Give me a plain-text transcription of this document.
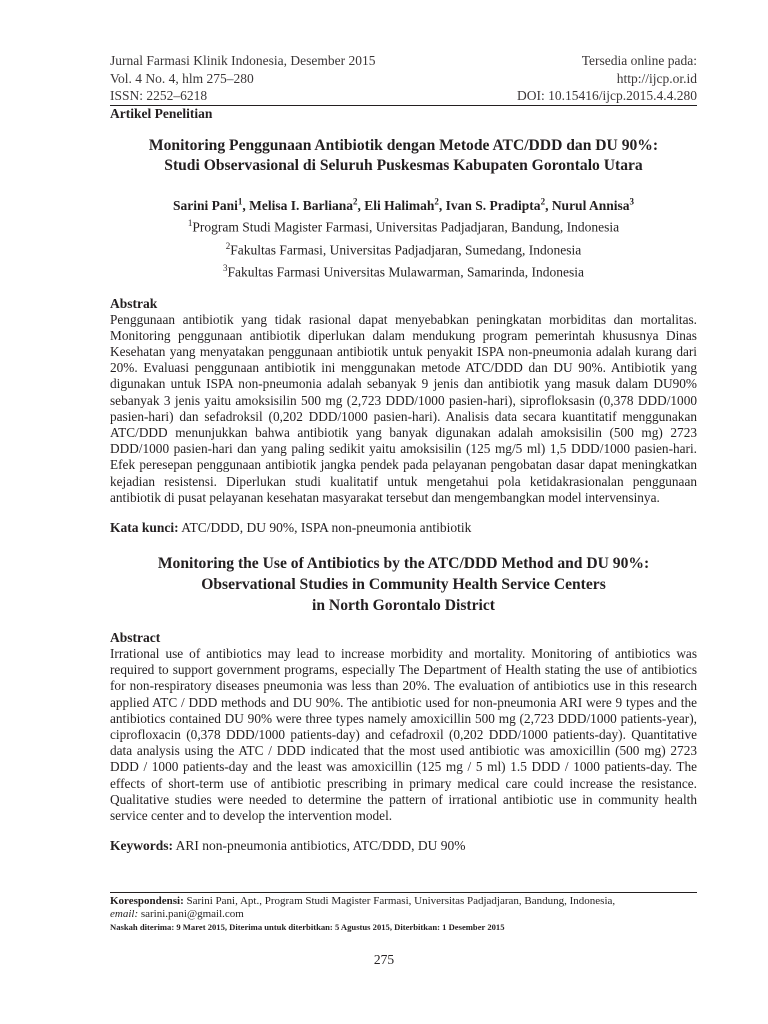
Jurnal Farmasi Klinik Indonesia, Desember 2015	Tersedia online pada:
Vol. 4 No. 4, hlm 275–280	http://ijcp.or.id
ISSN: 2252–6218	DOI: 10.15416/ijcp.2015.4.4.280
Artikel Penelitian
Monitoring Penggunaan Antibiotik dengan Metode ATC/DDD dan DU 90%:
Studi Observasional di Seluruh Puskesmas Kabupaten Gorontalo Utara
Sarini Pani$^1$, Melisa I. Barliana$^2$, Eli Halimah$^2$, Ivan S. Pradipta$^2$, Nurul Annisa$^3$
$^1$Program Studi Magister Farmasi, Universitas Padjadjaran, Bandung, Indonesia
$^2$Fakultas Farmasi, Universitas Padjadjaran, Sumedang, Indonesia
$^3$Fakultas Farmasi Universitas Mulawarman, Samarinda, Indonesia
Abstrak

Penggunaan antibiotik yang tidak rasional dapat menyebabkan peningkatan morbiditas dan mortalitas. Monitoring penggunaan antibiotik diperlukan dalam mendukung program pemerintah khususnya Dinas Kesehatan yang menyatakan penggunaan antibiotik untuk penyakit ISPA non-pneumonia adalah kurang dari 20%. Evaluasi penggunaan antibiotik ini menggunakan metode ATC/DDD dan DU 90%. Antibiotik yang digunakan untuk ISPA non-pneumonia adalah sebanyak 9 jenis dan antibiotik yang masuk dalam DU90% sebanyak 3 jenis yaitu amoksisilin 500 mg (2,723 DDD/1000 pasien-hari), siprofloksasin (0,378 DDD/1000 pasien-hari) dan sefadroksil (0,202 DDD/1000 pasien-hari). Analisis data secara kuantitatif menggunakan ATC/DDD menunjukkan bahwa antibiotik yang banyak digunakan adalah amoksisilin (500 mg) 2723 DDD/1000 pasien-hari dan yang paling sedikit yaitu amoksisilin (125 mg/5 ml) 1,5 DDD/1000 pasien-hari. Efek peresepan penggunaan antibiotik jangka pendek pada pelayanan pengobatan dasar dapat meningkatkan kejadian resistensi. Diperlukan studi kualitatif untuk mengetahui pola ketidakrasionalan penggunaan antibiotik di pusat pelayanan kesehatan masyarakat tersebut dan mengembangkan model intervensinya.

Kata kunci: ATC/DDD, DU 90%, ISPA non-pneumonia antibiotik
Monitoring the Use of Antibiotics by the ATC/DDD Method and DU 90%:
Observational Studies in Community Health Service Centers
in North Gorontalo District
Abstract

Irrational use of antibiotics may lead to increase morbidity and mortality. Monitoring of antibiotics was required to support government programs, especially The Department of Health stating the use of antibiotics for non-respiratory diseases pneumonia was less than 20%. The evaluation of antibiotics use in this research applied ATC / DDD methods and DU 90%. The antibiotic used for non-pneumonia ARI were 9 types and the antibiotics contained DU 90% were three types namely amoxicillin 500 mg (2,723 DDD/1000 patients-year), ciprofloxacin (0,378 DDD/1000 patients-day) and cefadroxil (0,202 DDD/1000 patients-day). Quantitative data analysis using the ATC / DDD indicated that the most used antibiotic was amoxicillin (500 mg) 2723 DDD / 1000 patients-day and the least was amoxicillin (125 mg / 5 ml) 1.5 DDD / 1000 patients-day. The effects of short-term use of antibiotic prescribing in primary medical care could increase the resistance. Qualitative studies were needed to determine the pattern of irrational antibiotic use in community health service center and to develop the intervention model.

Keywords: ARI non-pneumonia antibiotics, ATC/DDD, DU 90%
Korespondensi: Sarini Pani, Apt., Program Studi Magister Farmasi, Universitas Padjadjaran, Bandung, Indonesia,
email: sarini.pani@gmail.com
Naskah diterima: 9 Maret 2015, Diterima untuk diterbitkan: 5 Agustus 2015, Diterbitkan: 1 Desember 2015
275
